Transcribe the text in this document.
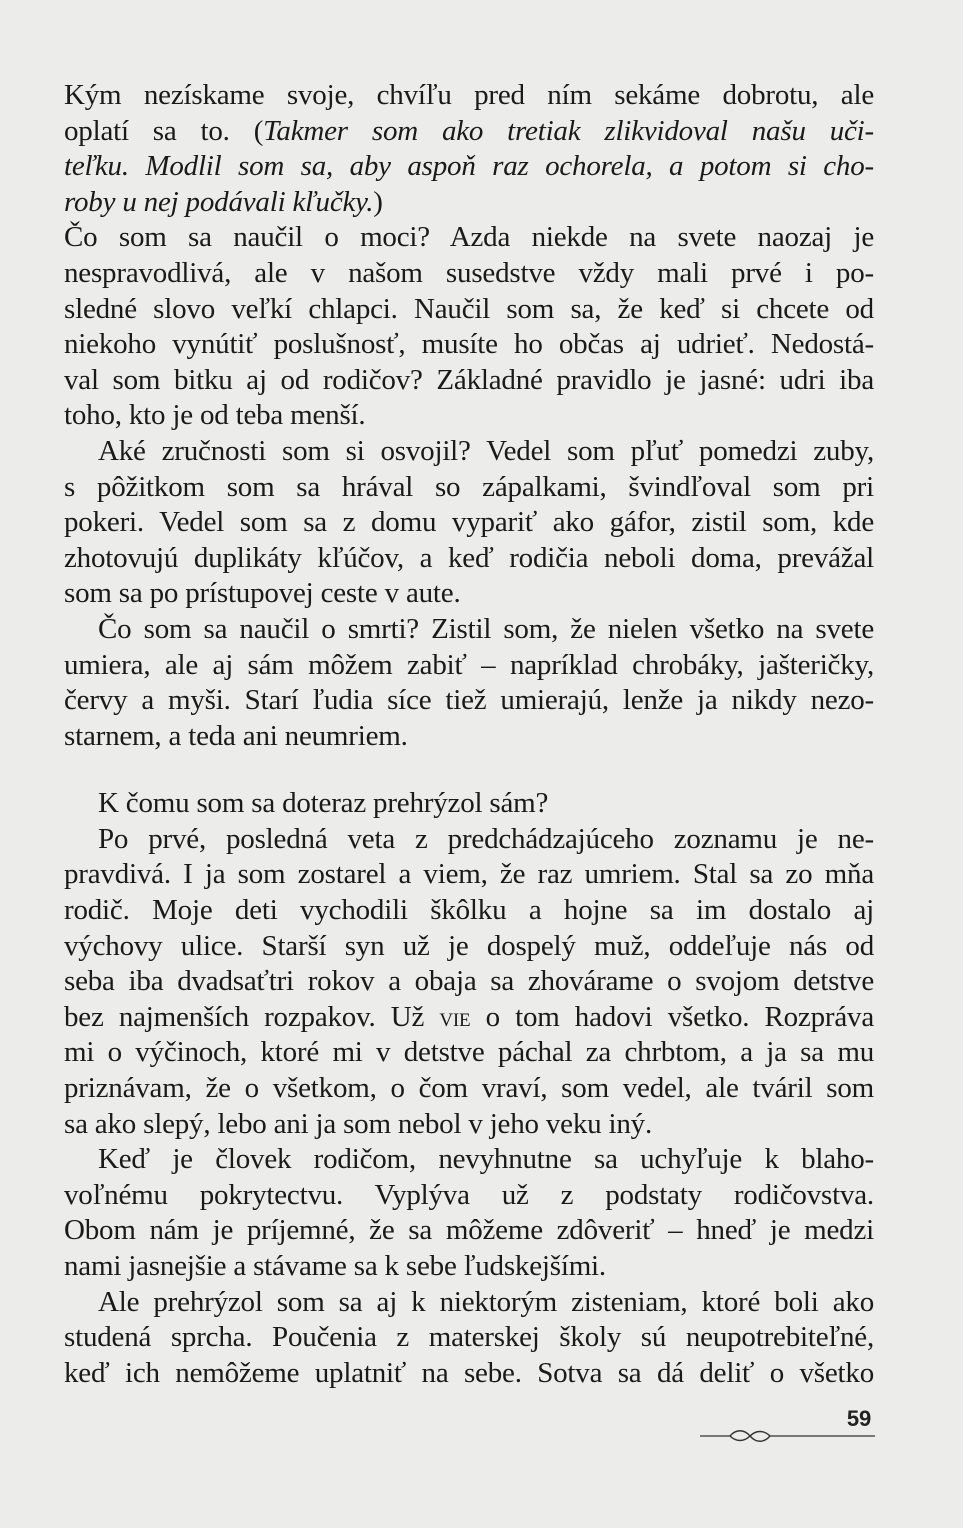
Kým nezískame svoje, chvíľu pred ním sekáme dobrotu, ale
oplatí sa to. (Takmer som ako tretiak zlikvidoval našu uči-
teľku. Modlil som sa, aby aspoň raz ochorela, a potom si cho-
roby u nej podávali kľučky.)
Čo som sa naučil o moci? Azda niekde na svete naozaj je
nespravodlivá, ale v našom susedstve vždy mali prvé i po-
sledné slovo veľkí chlapci. Naučil som sa, že keď si chcete od
niekoho vynútiť poslušnosť, musíte ho občas aj udrieť. Nedostá-
val som bitku aj od rodičov? Základné pravidlo je jasné: udri iba
toho, kto je od teba menší.
Aké zručnosti som si osvojil? Vedel som pľuť pomedzi zuby,
s pôžitkom som sa hrával so zápalkami, švindľoval som pri
pokeri. Vedel som sa z domu vypariť ako gáfor, zistil som, kde
zhotovujú duplikáty kľúčov, a keď rodičia neboli doma, prevážal
som sa po prístupovej ceste v aute.
Čo som sa naučil o smrti? Zistil som, že nielen všetko na svete
umiera, ale aj sám môžem zabiť – napríklad chrobáky, jašteričky,
červy a myši. Starí ľudia síce tiež umierajú, lenže ja nikdy nezo-
starnem, a teda ani neumriem.
K čomu som sa doteraz prehrýzol sám?
Po prvé, posledná veta z predchádzajúceho zoznamu je ne-
pravdivá. I ja som zostarel a viem, že raz umriem. Stal sa zo mňa
rodič. Moje deti vychodili škôlku a hojne sa im dostalo aj
výchovy ulice. Starší syn už je dospelý muž, oddeľuje nás od
seba iba dvadsaťtri rokov a obaja sa zhovárame o svojom detstve
bez najmenších rozpakov. Už vie o tom hadovi všetko. Rozpráva
mi o výčinoch, ktoré mi v detstve páchal za chrbtom, a ja sa mu
priznávam, že o všetkom, o čom vraví, som vedel, ale tváril som
sa ako slepý, lebo ani ja som nebol v jeho veku iný.
Keď je človek rodičom, nevyhnutne sa uchyľuje k blaho-
voľnému pokrytectvu. Vyplýva už z podstaty rodičovstva.
Obom nám je príjemné, že sa môžeme zdôveriť – hneď je medzi
nami jasnejšie a stávame sa k sebe ľudskejšími.
Ale prehrýzol som sa aj k niektorým zisteniam, ktoré boli ako
studená sprcha. Poučenia z materskej školy sú neupotrebiteľné,
keď ich nemôžeme uplatniť na sebe. Sotva sa dá deliť o všetko
59
